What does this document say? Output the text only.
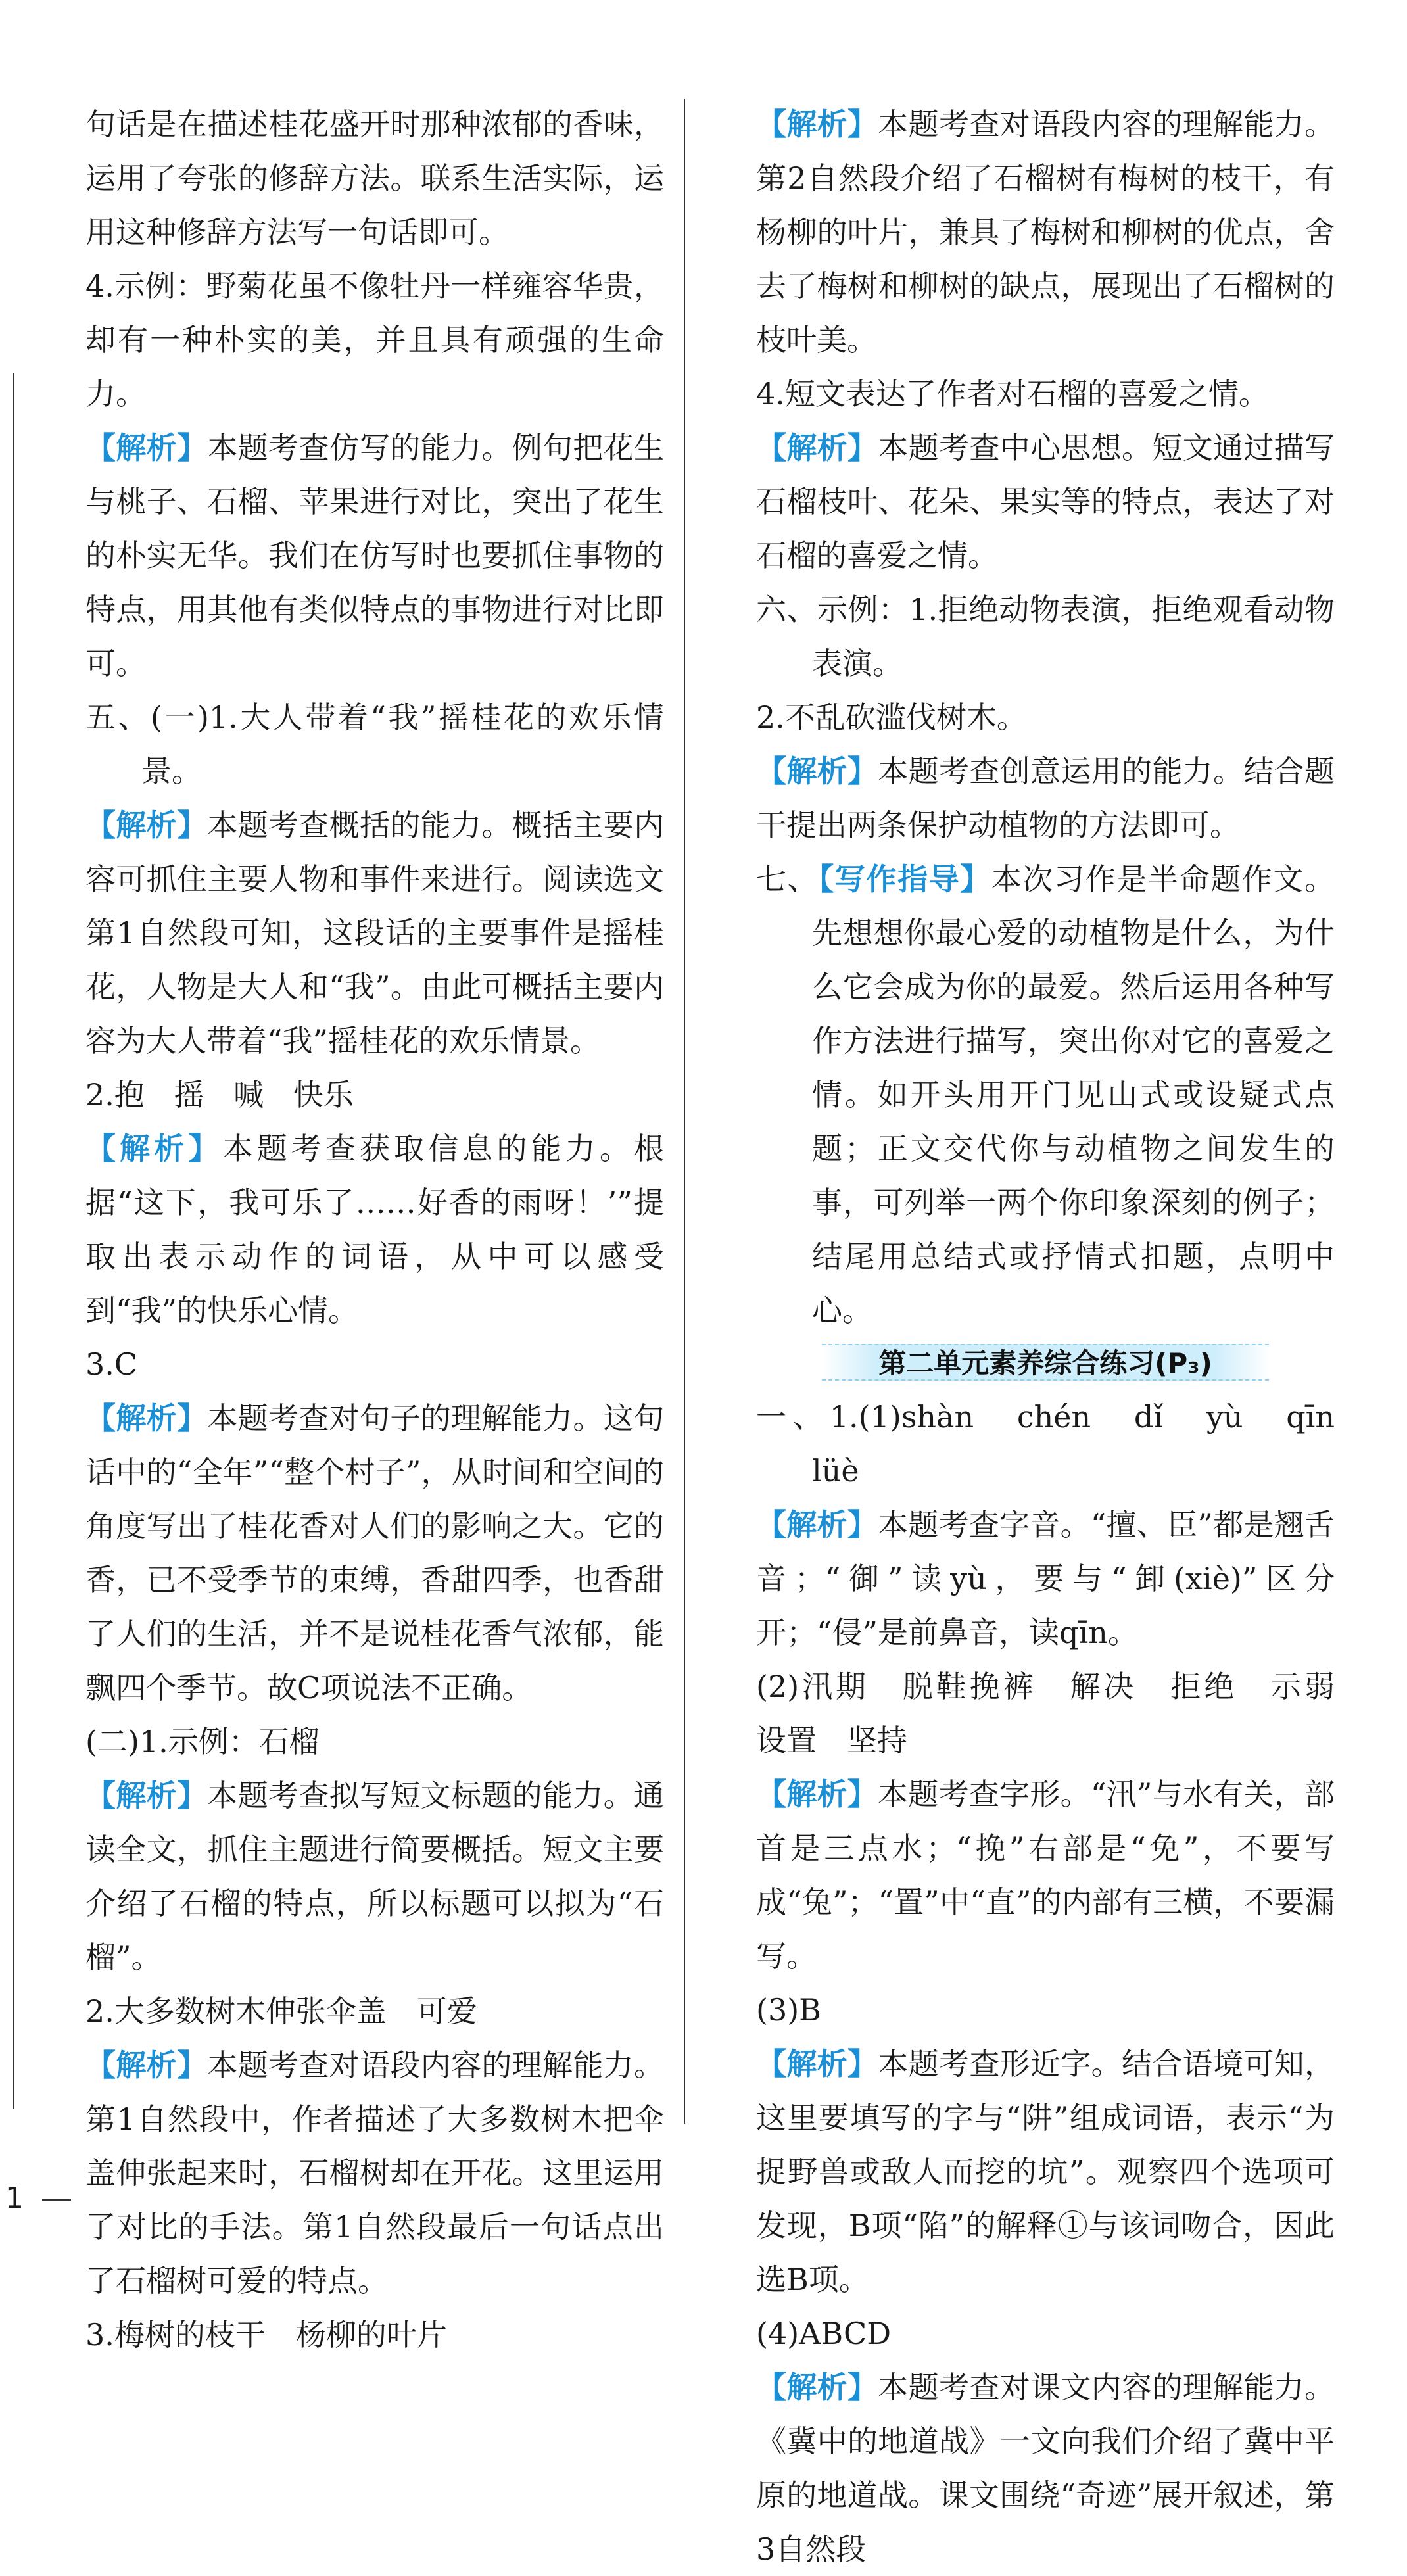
句话是在描述桂花盛开时那种浓郁的香味，运用了夸张的修辞方法。联系生活实际，运用这种修辞方法写一句话即可。
4.示例：野菊花虽不像牡丹一样雍容华贵，却有一种朴实的美，并且具有顽强的生命力。
【解析】本题考查仿写的能力。例句把花生与桃子、石榴、苹果进行对比，突出了花生的朴实无华。我们在仿写时也要抓住事物的特点，用其他有类似特点的事物进行对比即可。
五、(一)1.大人带着“我”摇桂花的欢乐情景。
【解析】本题考查概括的能力。概括主要内容可抓住主要人物和事件来进行。阅读选文第1自然段可知，这段话的主要事件是摇桂花，人物是大人和“我”。由此可概括主要内容为大人带着“我”摇桂花的欢乐情景。
2.抱 摇 喊 快乐
【解析】本题考查获取信息的能力。根据“这下，我可乐了……好香的雨呀！’”提取出表示动作的词语，从中可以感受到“我”的快乐心情。
3.C
【解析】本题考查对句子的理解能力。这句话中的“全年”“整个村子”，从时间和空间的角度写出了桂花香对人们的影响之大。它的香，已不受季节的束缚，香甜四季，也香甜了人们的生活，并不是说桂花香气浓郁，能飘四个季节。故C项说法不正确。
(二)1.示例：石榴
【解析】本题考查拟写短文标题的能力。通读全文，抓住主题进行简要概括。短文主要介绍了石榴的特点，所以标题可以拟为“石榴”。
2.大多数树木伸张伞盖　可爱
【解析】本题考查对语段内容的理解能力。第1自然段中，作者描述了大多数树木把伞盖伸张起来时，石榴树却在开花。这里运用了对比的手法。第1自然段最后一句话点出了石榴树可爱的特点。
3.梅树的枝干　杨柳的叶片
【解析】本题考查对语段内容的理解能力。第2自然段介绍了石榴树有梅树的枝干，有杨柳的叶片，兼具了梅树和柳树的优点，舍去了梅树和柳树的缺点，展现出了石榴树的枝叶美。
4.短文表达了作者对石榴的喜爱之情。
【解析】本题考查中心思想。短文通过描写石榴枝叶、花朵、果实等的特点，表达了对石榴的喜爱之情。
六、示例：1.拒绝动物表演，拒绝观看动物表演。
2.不乱砍滥伐树木。
【解析】本题考查创意运用的能力。结合题干提出两条保护动植物的方法即可。
七、【写作指导】本次习作是半命题作文。先想想你最心爱的动植物是什么，为什么它会成为你的最爱。然后运用各种写作方法进行描写，突出你对它的喜爱之情。如开头用开门见山式或设疑式点题；正文交代你与动植物之间发生的事，可列举一两个你印象深刻的例子；结尾用总结式或抒情式扣题，点明中心。
第二单元素养综合练习(P₃)
一、1.(1)shàn　chén　dǐ　yù　qīn　lüè
【解析】本题考查字音。“擅、臣”都是翘舌音；“御”读yù，要与“卸(xiè)”区分开；“侵”是前鼻音，读qīn。
(2)汛期　脱鞋挽裤　解决　拒绝　示弱　设置　坚持
【解析】本题考查字形。“汛”与水有关，部首是三点水；“挽”右部是“免”，不要写成“兔”；“置”中“直”的内部有三横，不要漏写。
(3)B
【解析】本题考查形近字。结合语境可知，这里要填写的字与“阱”组成词语，表示“为捉野兽或敌人而挖的坑”。观察四个选项可发现，B项“陷”的解释①与该词吻合，因此选B项。
(4)ABCD
【解析】本题考查对课文内容的理解能力。《冀中的地道战》一文向我们介绍了冀中平原的地道战。课文围绕“奇迹”展开叙述，第3自然段
1
